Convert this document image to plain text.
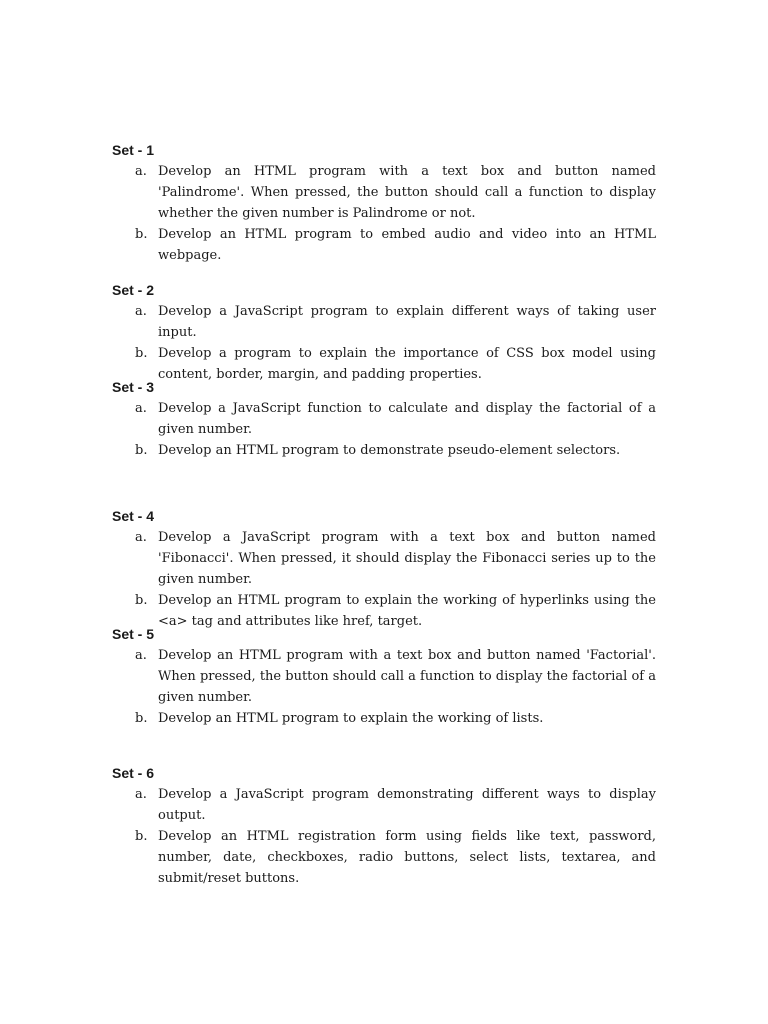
Set - 1
a. Develop an HTML program with a text box and button named 'Palindrome'. When pressed, the button should call a function to display whether the given number is Palindrome or not.
b. Develop an HTML program to embed audio and video into an HTML webpage.
Set - 2
a. Develop a JavaScript program to explain different ways of taking user input.
b. Develop a program to explain the importance of CSS box model using content, border, margin, and padding properties.
Set - 3
a. Develop a JavaScript function to calculate and display the factorial of a given number.
b. Develop an HTML program to demonstrate pseudo-element selectors.
Set - 4
a. Develop a JavaScript program with a text box and button named 'Fibonacci'. When pressed, it should display the Fibonacci series up to the given number.
b. Develop an HTML program to explain the working of hyperlinks using the <a> tag and attributes like href, target.
Set - 5
a. Develop an HTML program with a text box and button named 'Factorial'. When pressed, the button should call a function to display the factorial of a given number.
b. Develop an HTML program to explain the working of lists.
Set - 6
a. Develop a JavaScript program demonstrating different ways to display output.
b. Develop an HTML registration form using fields like text, password, number, date, checkboxes, radio buttons, select lists, textarea, and submit/reset buttons.
